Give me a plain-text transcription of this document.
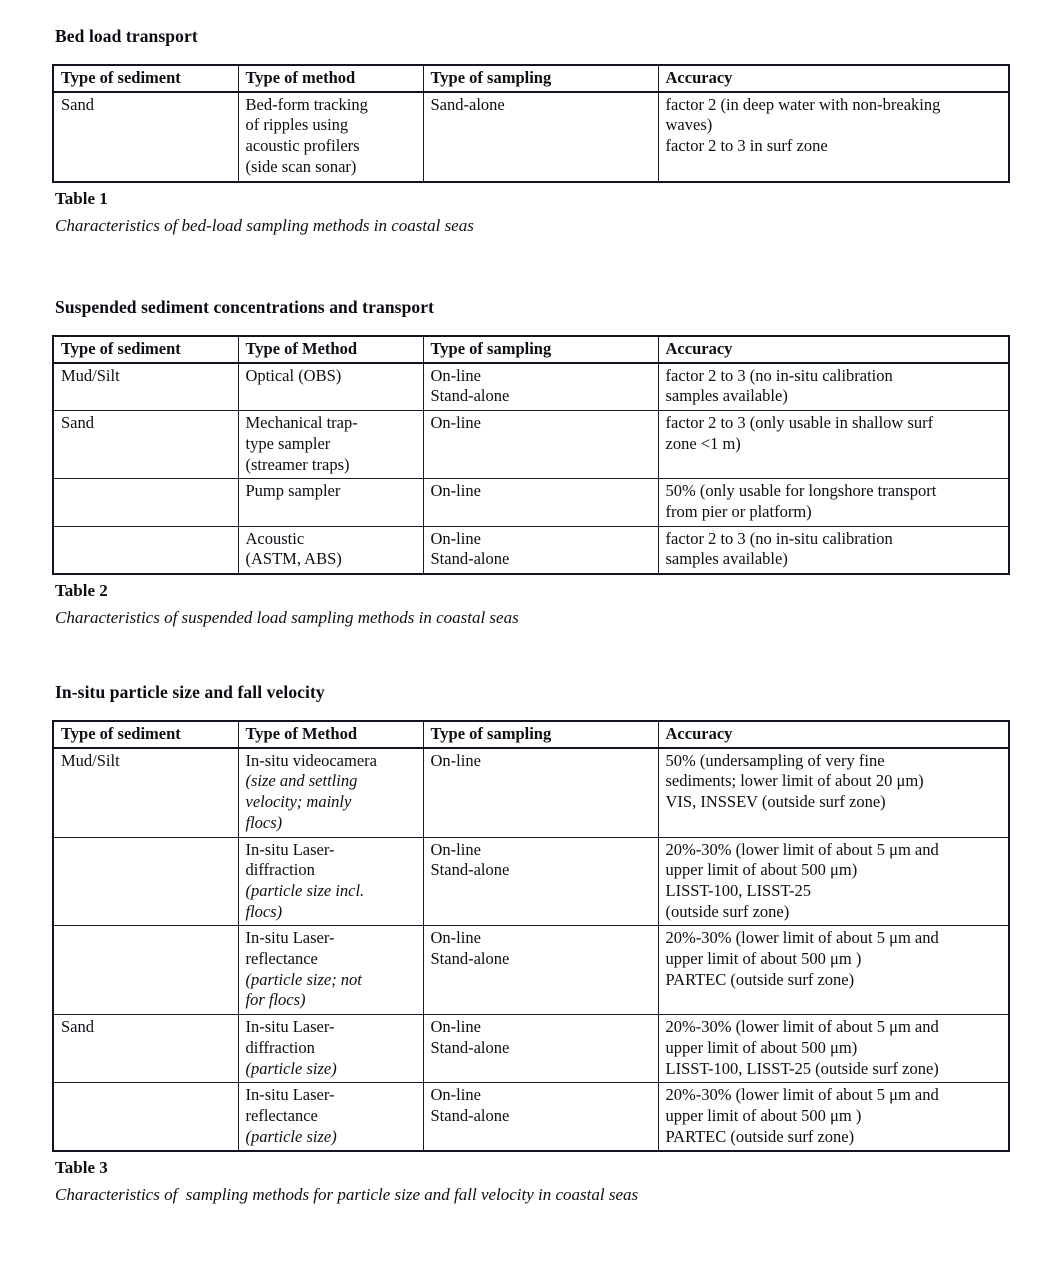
Bed load transport
Type of sediment	Type of method	Type of sampling	Accuracy

Sand	Bed-form tracking
of ripples using
acoustic profilers
(side scan sonar)	Sand-alone	factor 2 (in deep water with non-breaking
waves)
factor 2 to 3 in surf zone
Table 1
Characteristics of bed-load sampling methods in coastal seas
Suspended sediment concentrations and transport
Type of sediment	Type of Method	Type of sampling	Accuracy

Mud/Silt	Optical (OBS)	On-line
Stand-alone	factor 2 to 3 (no in-situ calibration
samples available)

Sand	Mechanical trap-
type sampler
(streamer traps)	On-line	factor 2 to 3 (only usable in shallow surf
zone <1 m)

	Pump sampler	On-line	50% (only usable for longshore transport
from pier or platform)

	Acoustic
(ASTM, ABS)	On-line
Stand-alone	factor 2 to 3 (no in-situ calibration
samples available)
Table 2
Characteristics of suspended load sampling methods in coastal seas
In-situ particle size and fall velocity
Type of sediment	Type of Method	Type of sampling	Accuracy

Mud/Silt	In-situ videocamera
(size and settling
velocity; mainly
flocs)	On-line	50% (undersampling of very fine
sediments; lower limit of about 20 μm)
VIS, INSSEV (outside surf zone)

	In-situ Laser-
diffraction
(particle size incl.
flocs)	On-line
Stand-alone	20%-30% (lower limit of about 5 μm and
upper limit of about 500 μm)
LISST-100, LISST-25
(outside surf zone)

	In-situ Laser-
reflectance
(particle size; not
for flocs)	On-line
Stand-alone	20%-30% (lower limit of about 5 μm and
upper limit of about 500 μm )
PARTEC (outside surf zone)

Sand	In-situ Laser-
diffraction
(particle size)	On-line
Stand-alone	20%-30% (lower limit of about 5 μm and
upper limit of about 500 μm)
LISST-100, LISST-25 (outside surf zone)

	In-situ Laser-
reflectance
(particle size)	On-line
Stand-alone	20%-30% (lower limit of about 5 μm and
upper limit of about 500 μm )
PARTEC (outside surf zone)
Table 3
Characteristics of  sampling methods for particle size and fall velocity in coastal seas
